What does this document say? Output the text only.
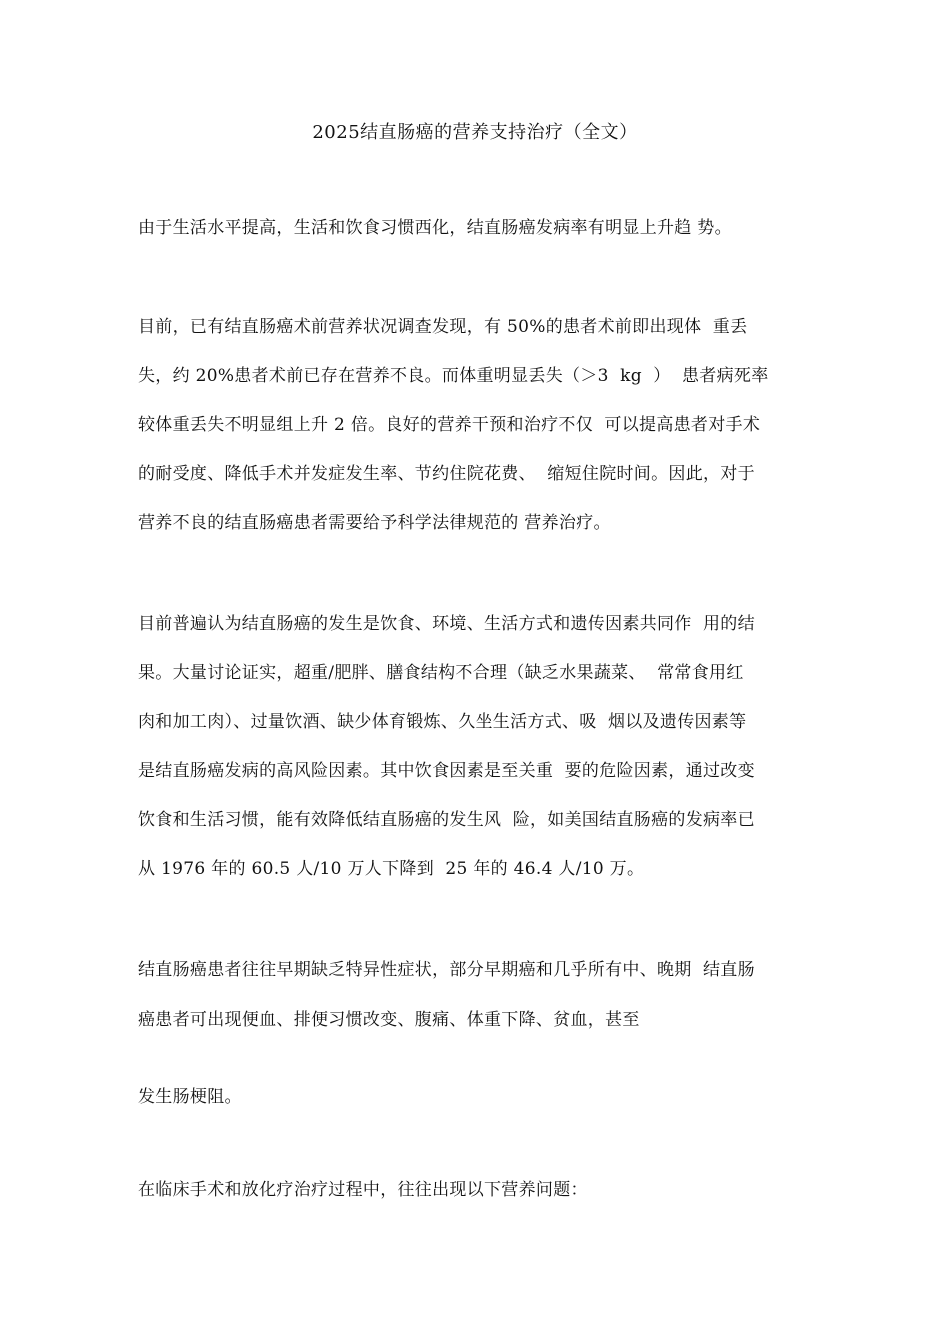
2025结直肠癌的营养支持治疗（全文）
由于生活水平提高，生活和饮食习惯西化，结直肠癌发病率有明显上升趋 势。
目前，已有结直肠癌术前营养状况调查发现，有 50%的患者术前即出现体  重丢
失，约 20%患者术前已存在营养不良。而体重明显丢失（＞3  kg  ）  患者病死率
较体重丢失不明显组上升 2 倍。良好的营养干预和治疗不仅  可以提高患者对手术
的耐受度、降低手术并发症发生率、节约住院花费、  缩短住院时间。因此，对于
营养不良的结直肠癌患者需要给予科学法律规范的 营养治疗。
目前普遍认为结直肠癌的发生是饮食、环境、生活方式和遗传因素共同作  用的结
果。大量讨论证实，超重/肥胖、膳食结构不合理（缺乏水果蔬菜、  常常食用红
肉和加工肉）、过量饮酒、缺少体育锻炼、久坐生活方式、吸  烟以及遗传因素等
是结直肠癌发病的高风险因素。其中饮食因素是至关重  要的危险因素，通过改变
饮食和生活习惯，能有效降低结直肠癌的发生风  险，如美国结直肠癌的发病率已
从 1976 年的 60.5 人/10 万人下降到  25 年的 46.4 人/10 万。
结直肠癌患者往往早期缺乏特异性症状，部分早期癌和几乎所有中、晚期  结直肠
癌患者可出现便血、排便习惯改变、腹痛、体重下降、贫血，甚至
发生肠梗阻。
在临床手术和放化疗治疗过程中，往往出现以下营养问题：
